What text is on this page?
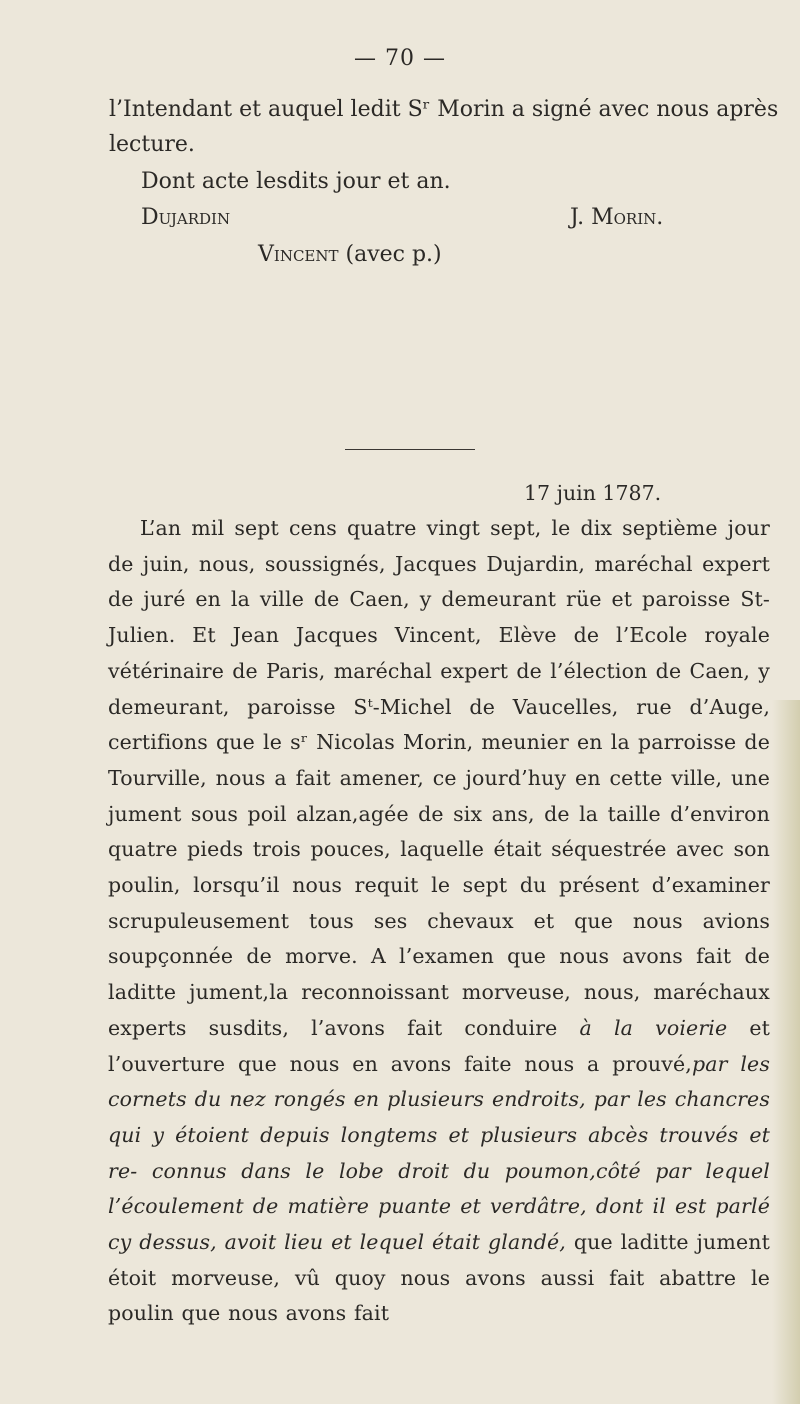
— 70 —
l’Intendant et auquel ledit Sʳ Morin a signé avec nous après
lecture.
Dont acte lesdits jour et an.
Dujardin	J. Morin.
Vincent (avec p.)
17 juin 1787.

L’an mil sept cens quatre vingt sept, le dix septième jour de juin, nous, soussignés, Jacques Dujardin, maréchal expert de juré en la ville de Caen, y demeurant rüe et paroisse St-Julien. Et Jean Jacques Vincent, Elève de l’Ecole royale vétérinaire de Paris, maréchal expert de l’élection de Caen, y demeurant, paroisse Sᵗ-Michel de Vaucelles, rue d’Auge, certifions que le sʳ Nicolas Morin, meunier en la parroisse de Tourville, nous a fait amener, ce jourd’huy en cette ville, une jument sous poil alzan,agée de six ans, de la taille d’environ quatre pieds trois pouces, laquelle était séquestrée avec son poulin, lorsqu’il nous requit le sept du présent d’examiner scrupuleusement tous ses chevaux et que nous avions soupçonnée de morve. A l’examen que nous avons fait de laditte jument,la reconnoissant morveuse, nous, maréchaux experts susdits, l’avons fait conduire à la voierie et l’ouverture que nous en avons faite nous a prouvé,par les cornets du nez rongés en plusieurs endroits, par les chancres qui y étoient depuis longtems et plusieurs abcès trouvés et re- connus dans le lobe droit du poumon,côté par lequel l’écoulement de matière puante et verdâtre, dont il est parlé cy dessus, avoit lieu et lequel était glandé, que laditte jument étoit morveuse, vû quoy nous avons aussi fait abattre le poulin que nous avons fait
